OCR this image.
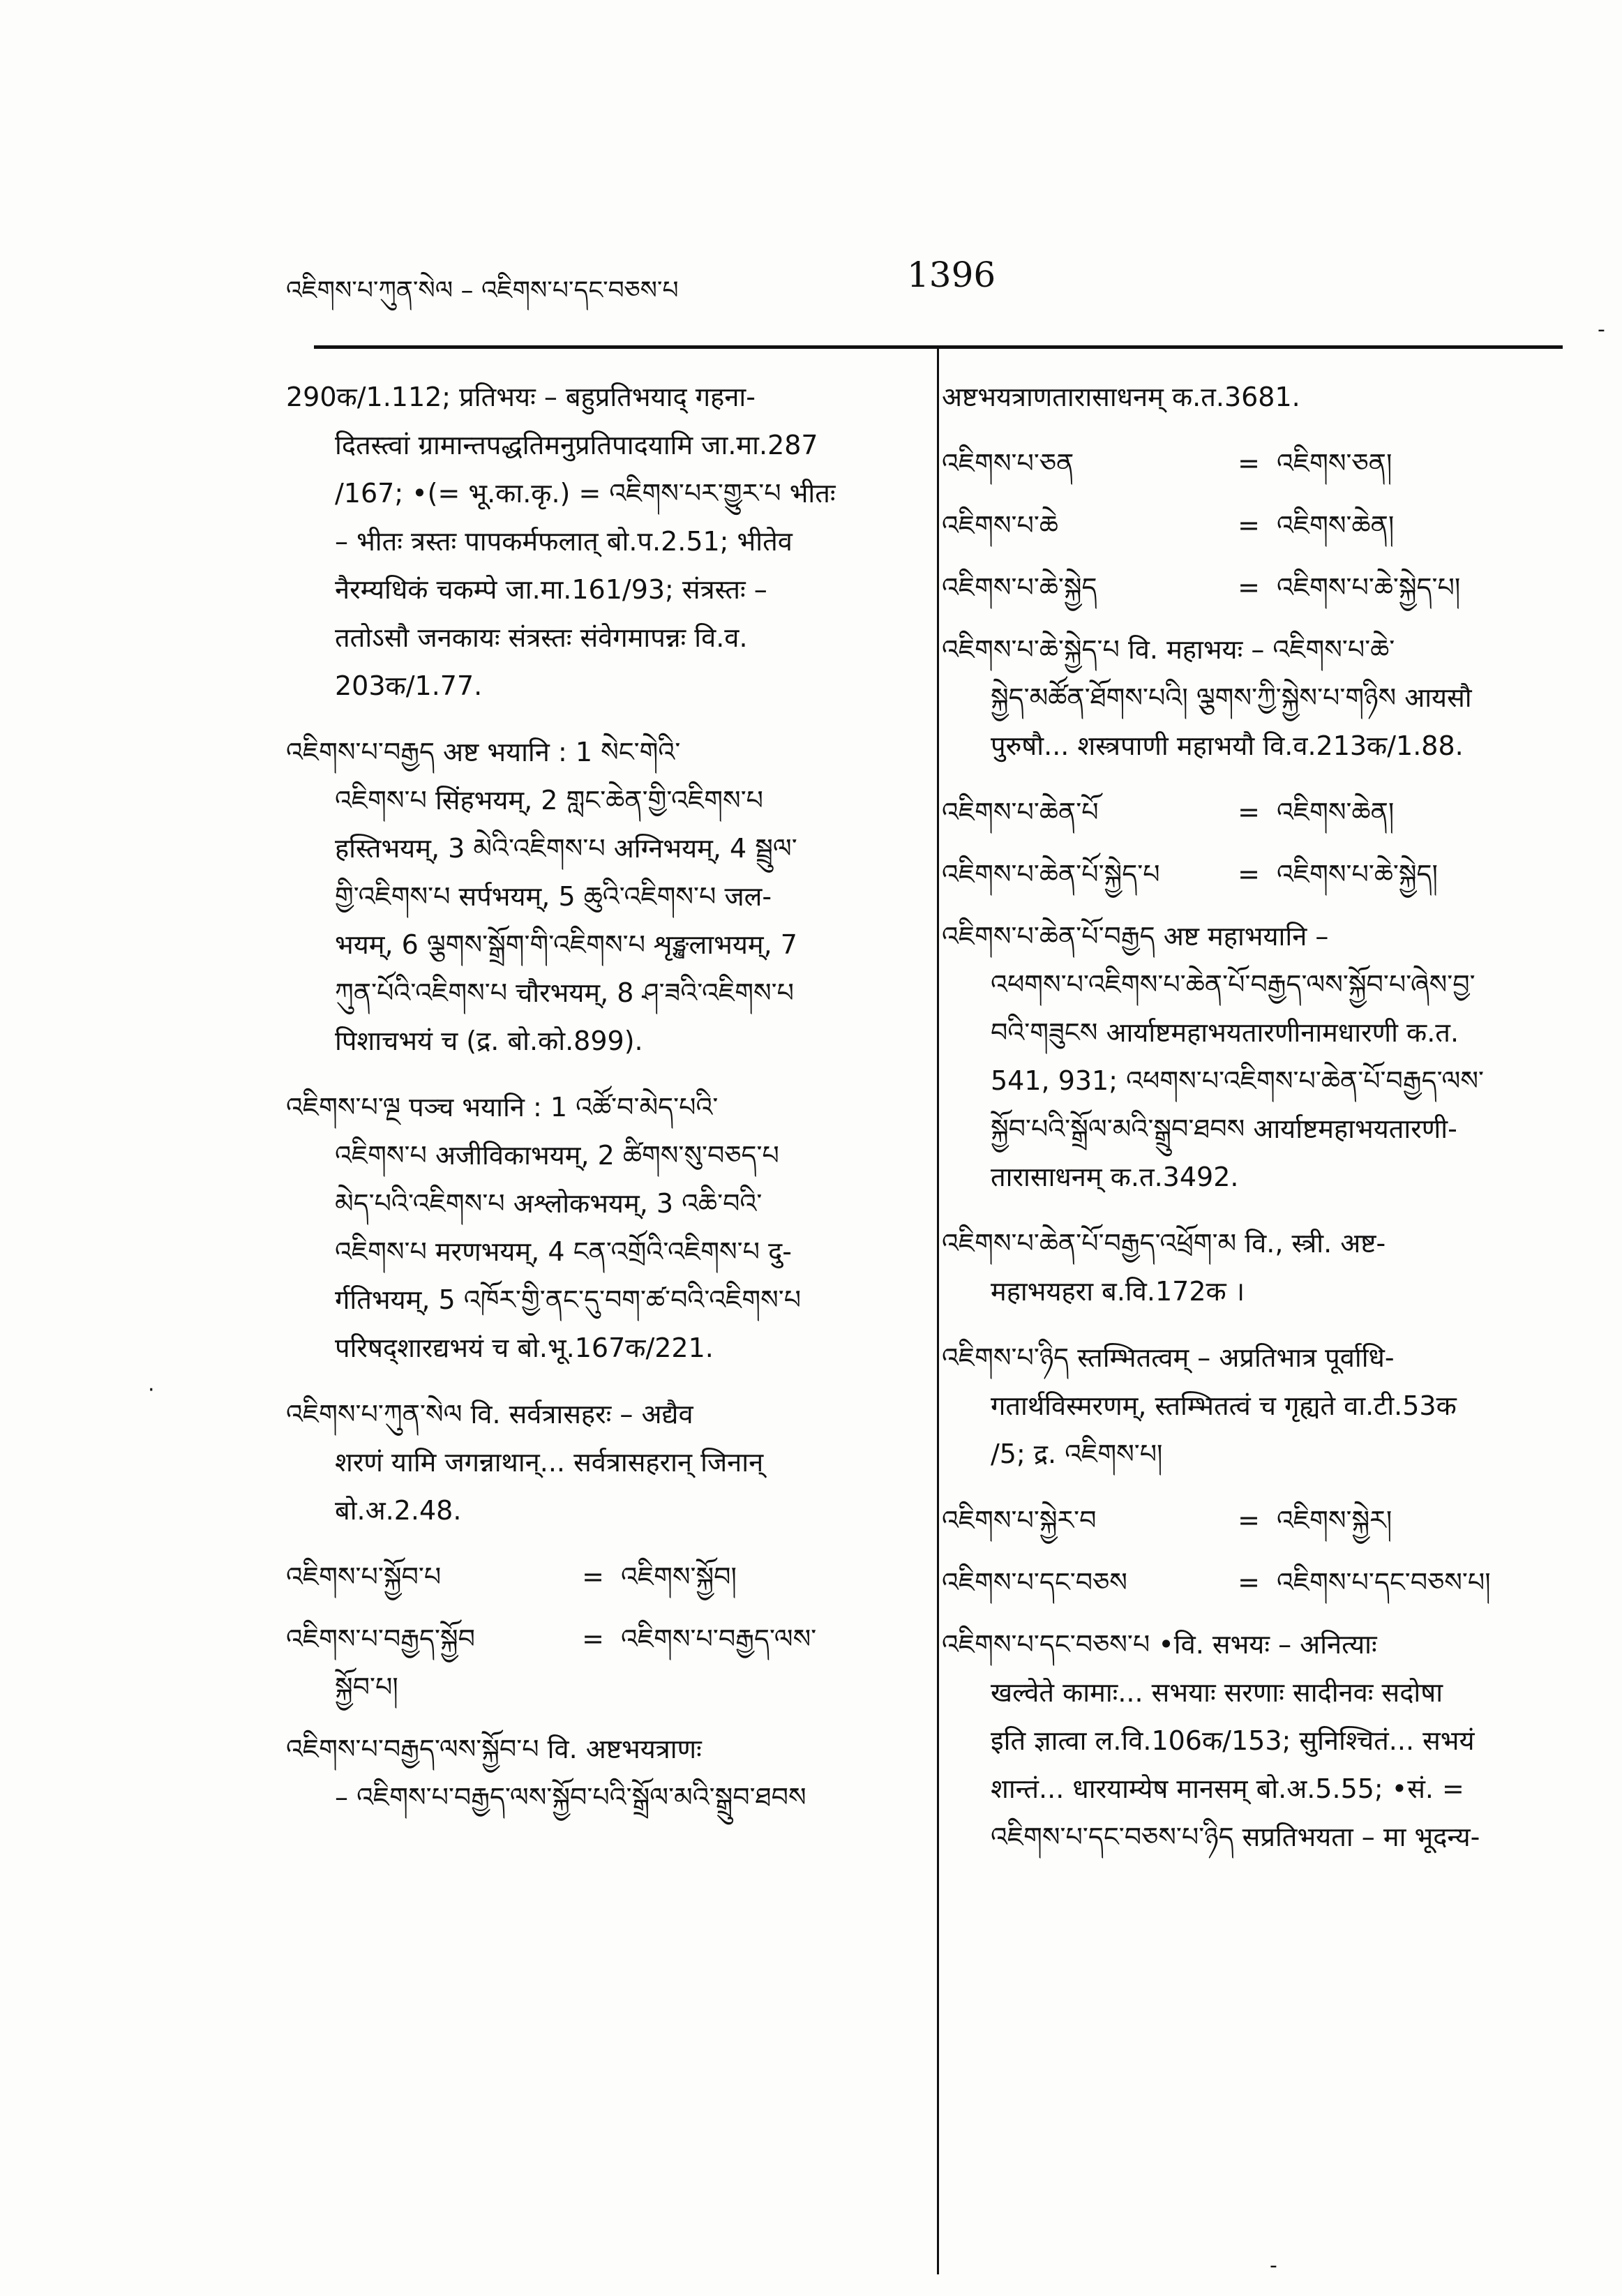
འཇིགས་པ་ཀུན་སེལ – འཇིགས་པ་དང་བཅས་པ	1396
-
·
-

290क/1.112; प्रतिभयः – बहुप्रतिभयाद् गहना-

दितस्त्वां ग्रामान्तपद्धतिमनुप्रतिपादयामि जा.मा.287

/167; •(= भू.का.कृ.) = འཇིགས་པར་གྱུར་པ भीतः

– भीतः त्रस्तः पापकर्मफलात् बो.प.2.51; भीतेव

नैरम्यधिकं चकम्पे जा.मा.161/93; संत्रस्तः –

ततोऽसौ जनकायः संत्रस्तः संवेगमापन्नः वि.व.

203क/1.77.

འཇིགས་པ་བརྒྱད अष्ट भयानि : 1 སེང་གེའི་

འཇིགས་པ सिंहभयम्, 2 གླང་ཆེན་གྱི་འཇིགས་པ

हस्तिभयम्, 3 མེའི་འཇིགས་པ अग्निभयम्, 4 སྦྲུལ་

གྱི་འཇིགས་པ सर्पभयम्, 5 ཆུའི་འཇིགས་པ जल-

भयम्, 6 ལྕགས་སྒྲོག་གི་འཇིགས་པ शृङ्खलाभयम्, 7

ཀུན་པོའི་འཇིགས་པ चौरभयम्, 8 ཤ་ཟའི་འཇིགས་པ

पिशाचभयं च (द्र. बो.को.899).

འཇིགས་པ་ལྔ पञ्च भयानि : 1 འཚོ་བ་མེད་པའི་

འཇིགས་པ अजीविकाभयम्, 2 ཚིགས་སུ་བཅད་པ

མེད་པའི་འཇིགས་པ अश्लोकभयम्, 3 འཆི་བའི་

འཇིགས་པ मरणभयम्, 4 ངན་འགྲོའི་འཇིགས་པ दु-

र्गतिभयम्, 5 འཁོར་གྱི་ནང་དུ་བག་ཚ་བའི་འཇིགས་པ

परिषद्शारद्यभयं च बो.भू.167क/221.

འཇིགས་པ་ཀུན་སེལ वि. सर्वत्रासहरः – अद्यैव

शरणं यामि जगन्नाथान्... सर्वत्रासहरान् जिनान्

बो.अ.2.48.

འཇིགས་པ་སྐྱོབ་པ	= འཇིགས་སྐྱོབ།
འཇིགས་པ་བརྒྱད་སྐྱོབ	= འཇིགས་པ་བརྒྱད་ལས་

སྐྱོབ་པ།

འཇིགས་པ་བརྒྱད་ལས་སྐྱོབ་པ वि. अष्टभयत्राणः

– འཇིགས་པ་བརྒྱད་ལས་སྐྱོབ་པའི་སྒྲོལ་མའི་སྒྲུབ་ཐབས

अष्टभयत्राणतारासाधनम् क.त.3681.

འཇིགས་པ་ཅན	= འཇིགས་ཅན།
འཇིགས་པ་ཆེ	= འཇིགས་ཆེན།
འཇིགས་པ་ཆེ་སྐྱེད	= འཇིགས་པ་ཆེ་སྐྱེད་པ།

འཇིགས་པ་ཆེ་སྐྱེད་པ वि. महाभयः – འཇིགས་པ་ཆེ་

སྐྱེད་མཚོན་ཐོགས་པའི། ལྕགས་ཀྱི་སྐྱེས་པ་གཉིས आयसौ

पुरुषौ... शस्त्रपाणी महाभयौ वि.व.213क/1.88.

འཇིགས་པ་ཆེན་པོ	= འཇིགས་ཆེན།
འཇིགས་པ་ཆེན་པོ་སྐྱེད་པ	= འཇིགས་པ་ཆེ་སྐྱེད།

འཇིགས་པ་ཆེན་པོ་བརྒྱད अष्ट महाभयानि –

འཕགས་པ་འཇིགས་པ་ཆེན་པོ་བརྒྱད་ལས་སྐྱོབ་པ་ཞེས་བྱ་

བའི་གཟུངས आर्याष्टमहाभयतारणीनामधारणी क.त.

541, 931; འཕགས་པ་འཇིགས་པ་ཆེན་པོ་བརྒྱད་ལས་

སྐྱོབ་པའི་སྒྲོལ་མའི་སྒྲུབ་ཐབས आर्याष्टमहाभयतारणी-

तारासाधनम् क.त.3492.

འཇིགས་པ་ཆེན་པོ་བརྒྱད་འཕྲོག་མ वि., स्त्री. अष्ट-

महाभयहरा ब.वि.172क ।

འཇིགས་པ་ཉིད स्तम्भितत्वम् – अप्रतिभात्र पूर्वाधि-

गतार्थविस्मरणम्, स्तम्भितत्वं च गृह्यते वा.टी.53क

/5; द्र. འཇིགས་པ།

འཇིགས་པ་སྐྱེར་བ	= འཇིགས་སྐྱེར།
འཇིགས་པ་དང་བཅས	= འཇིགས་པ་དང་བཅས་པ།

འཇིགས་པ་དང་བཅས་པ •वि. सभयः – अनित्याः

खल्वेते कामाः... सभयाः सरणाः सादीनवः सदोषा

इति ज्ञात्वा ल.वि.106क/153; सुनिश्चितं... सभयं

शान्तं... धारयाम्येष मानसम् बो.अ.5.55; •सं. =

འཇིགས་པ་དང་བཅས་པ་ཉིད सप्रतिभयता – मा भूदन्य-
